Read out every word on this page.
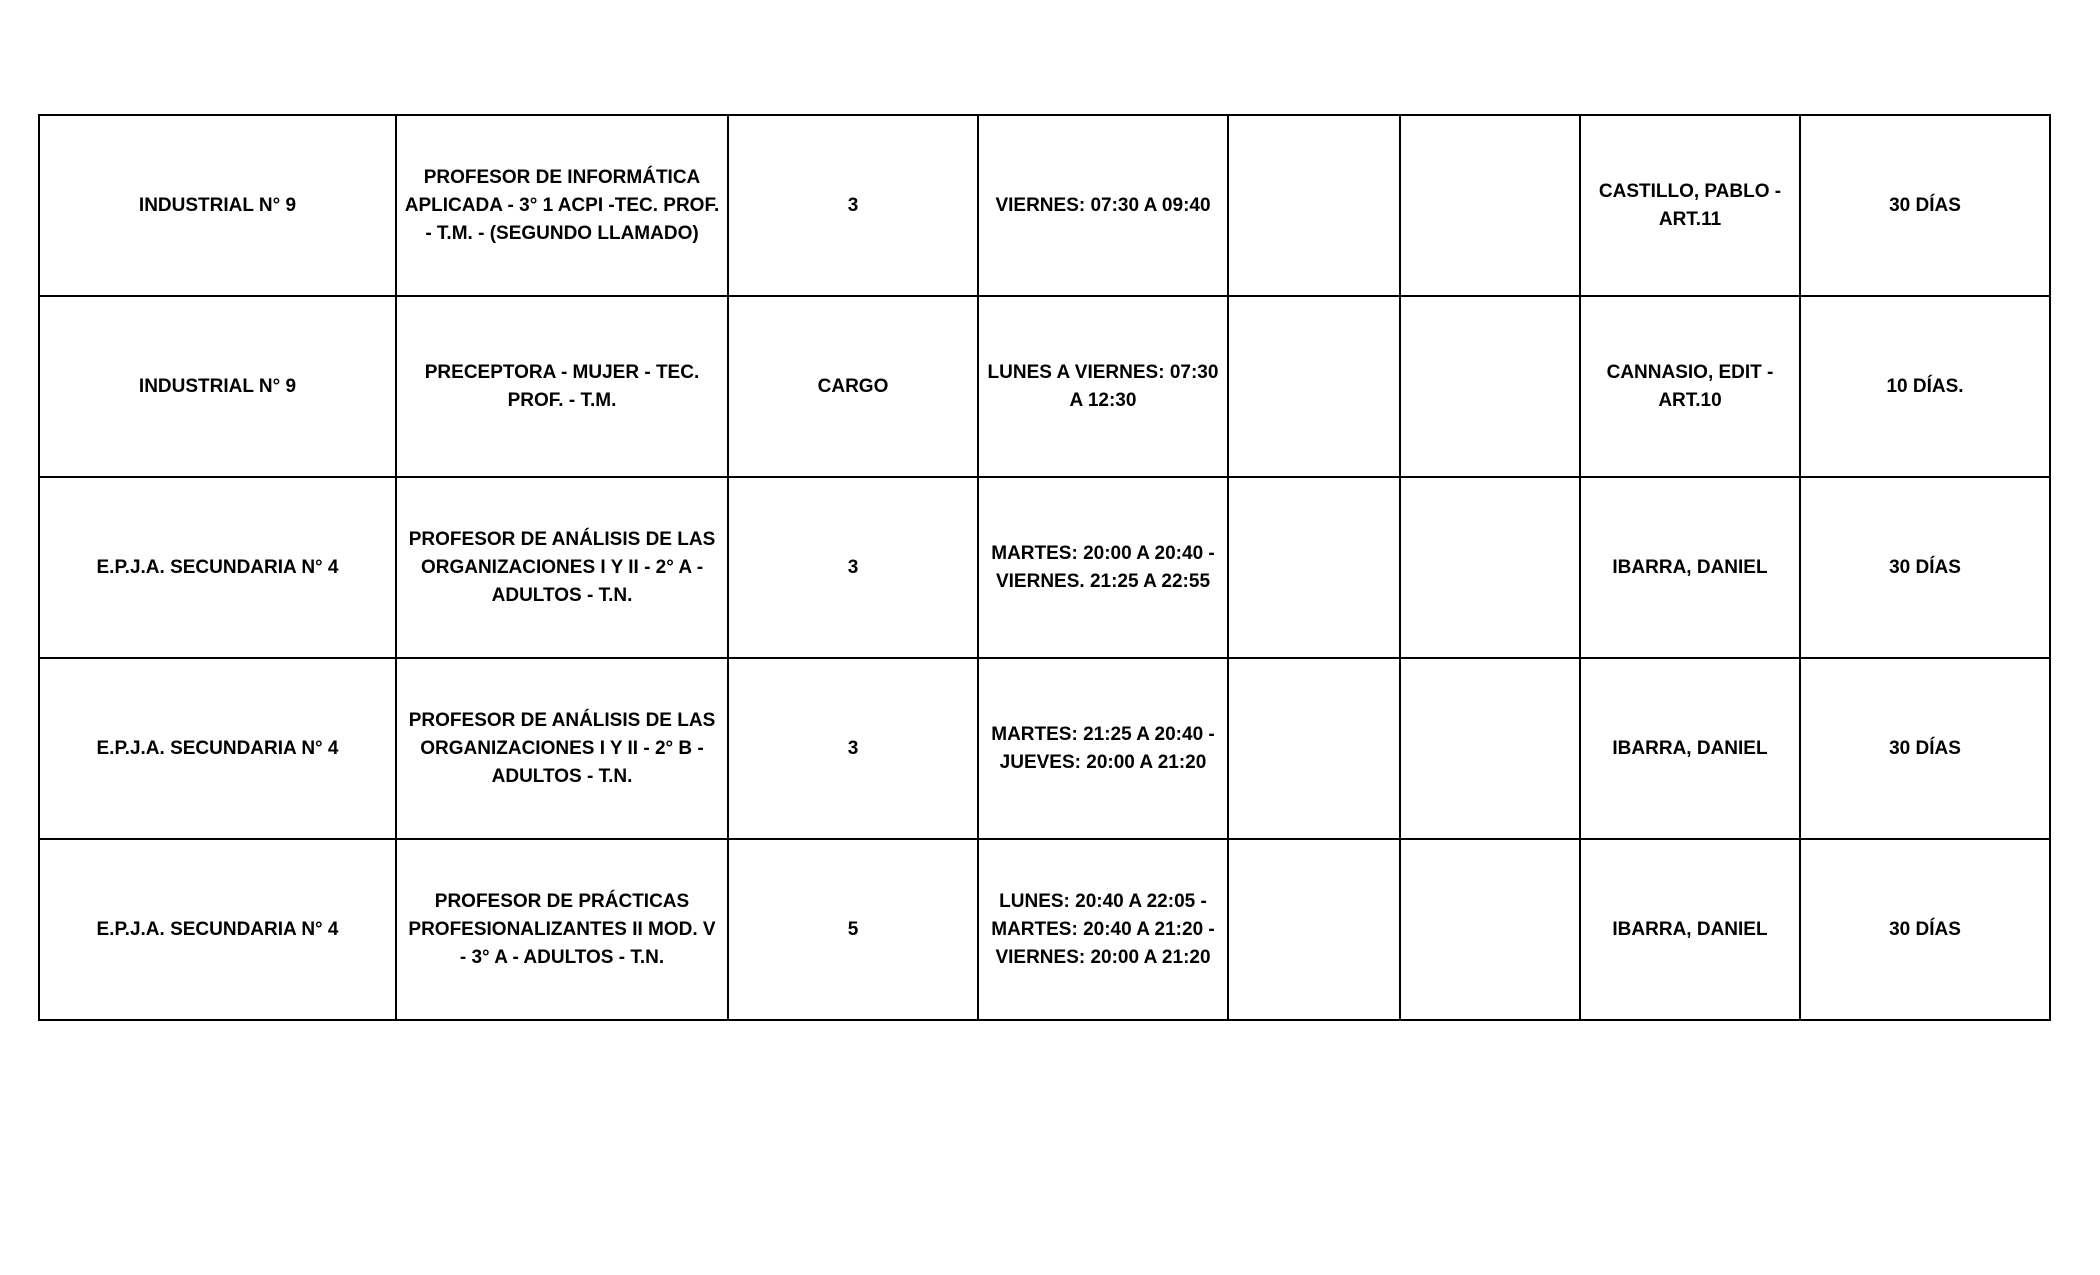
INDUSTRIAL N° 9	PROFESOR DE INFORMÁTICA APLICADA - 3° 1 ACPI -TEC. PROF. - T.M. - (SEGUNDO LLAMADO)	3	VIERNES: 07:30 A 09:40			CASTILLO, PABLO - ART.11	30 DÍAS
INDUSTRIAL N° 9	PRECEPTORA - MUJER - TEC. PROF. - T.M.	CARGO	LUNES A VIERNES: 07:30 A 12:30			CANNASIO, EDIT - ART.10	10 DÍAS.
E.P.J.A. SECUNDARIA N° 4	PROFESOR DE ANÁLISIS DE LAS ORGANIZACIONES I Y II - 2° A - ADULTOS - T.N.	3	MARTES: 20:00 A 20:40 - VIERNES. 21:25 A 22:55			IBARRA, DANIEL	30 DÍAS
E.P.J.A. SECUNDARIA N° 4	PROFESOR DE ANÁLISIS DE LAS ORGANIZACIONES I Y II - 2° B - ADULTOS - T.N.	3	MARTES: 21:25 A 20:40 - JUEVES: 20:00 A 21:20			IBARRA, DANIEL	30 DÍAS
E.P.J.A. SECUNDARIA N° 4	PROFESOR DE PRÁCTICAS PROFESIONALIZANTES II MOD. V - 3° A - ADULTOS - T.N.	5	LUNES: 20:40 A 22:05 - MARTES: 20:40 A 21:20 - VIERNES: 20:00 A 21:20			IBARRA, DANIEL	30 DÍAS
